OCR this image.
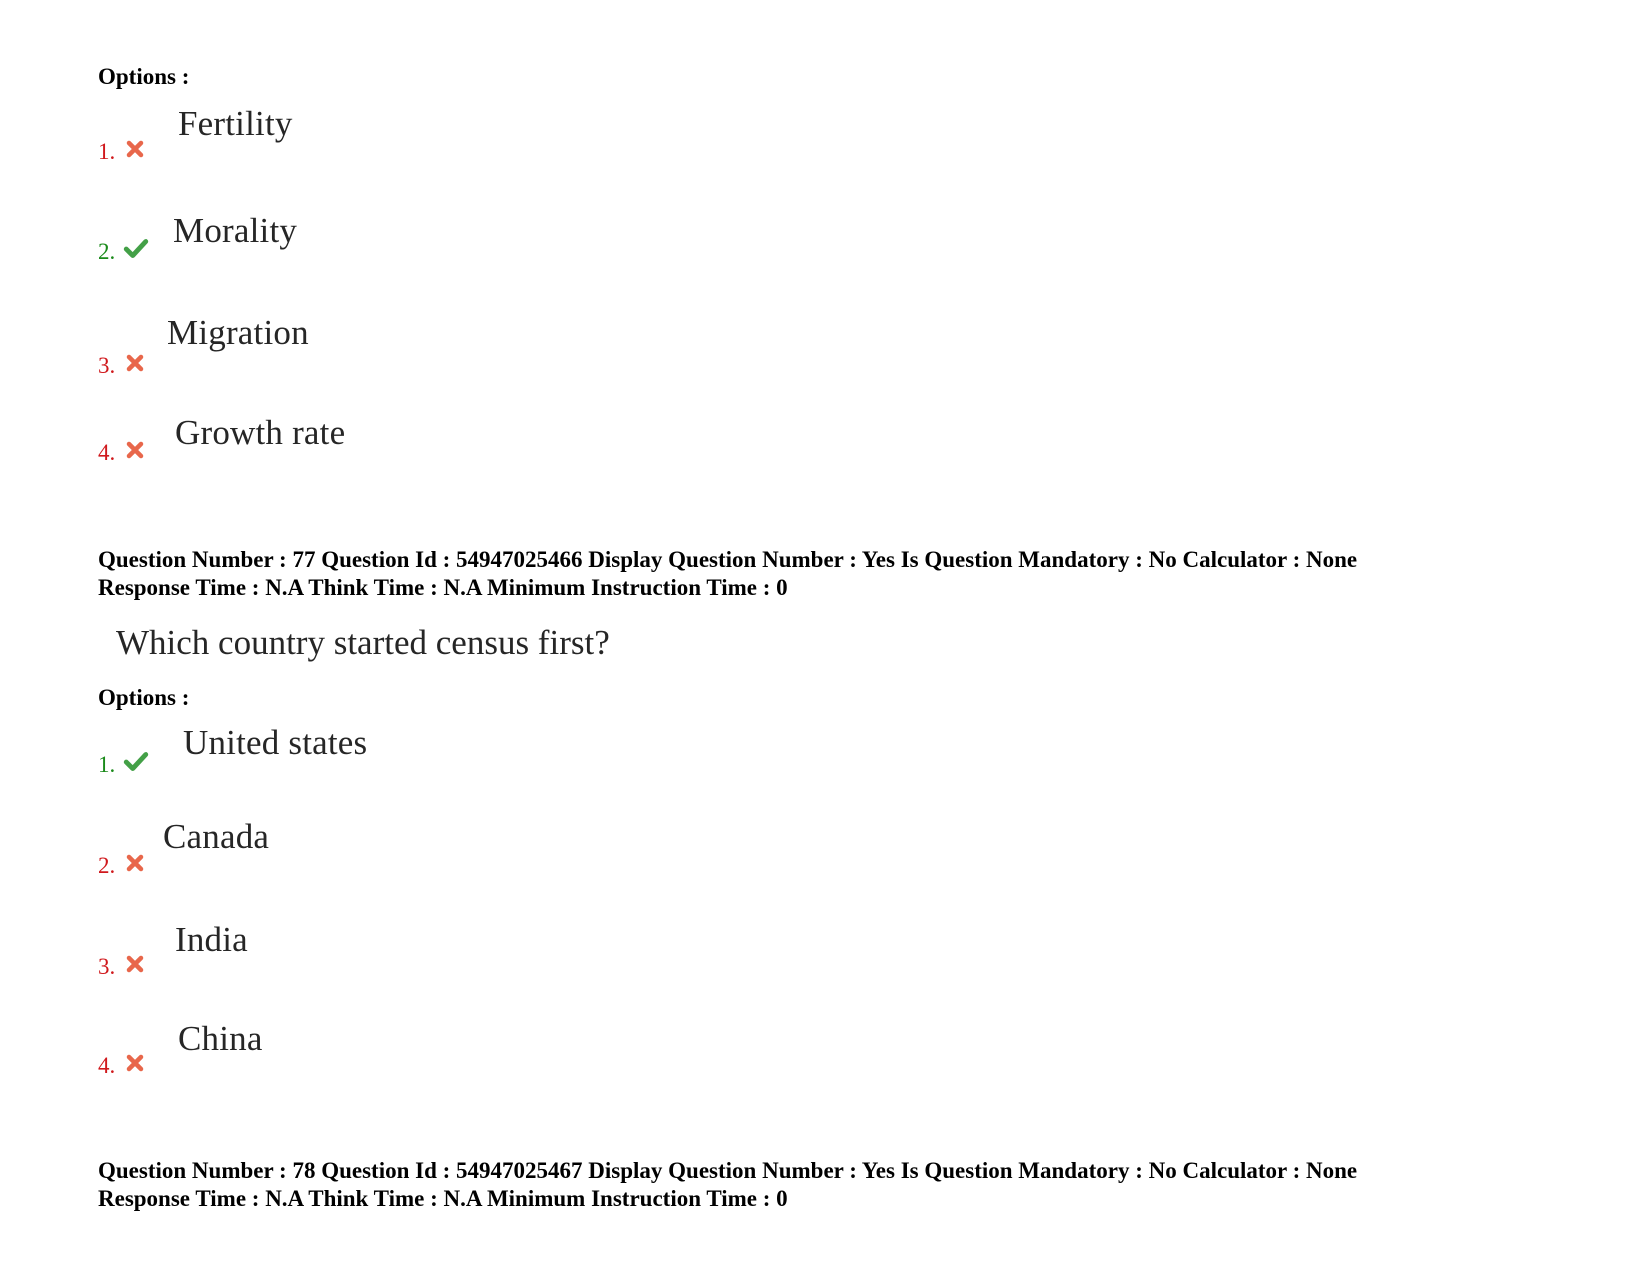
Options :
1.
Fertility
2.
Morality
3.
Migration
4.
Growth rate
Question Number : 77 Question Id : 54947025466 Display Question Number : Yes Is Question Mandatory : No Calculator : None
Response Time : N.A Think Time : N.A Minimum Instruction Time : 0
Which country started census first?
Options :
1.
United states
2.
Canada
3.
India
4.
China
Question Number : 78 Question Id : 54947025467 Display Question Number : Yes Is Question Mandatory : No Calculator : None
Response Time : N.A Think Time : N.A Minimum Instruction Time : 0
